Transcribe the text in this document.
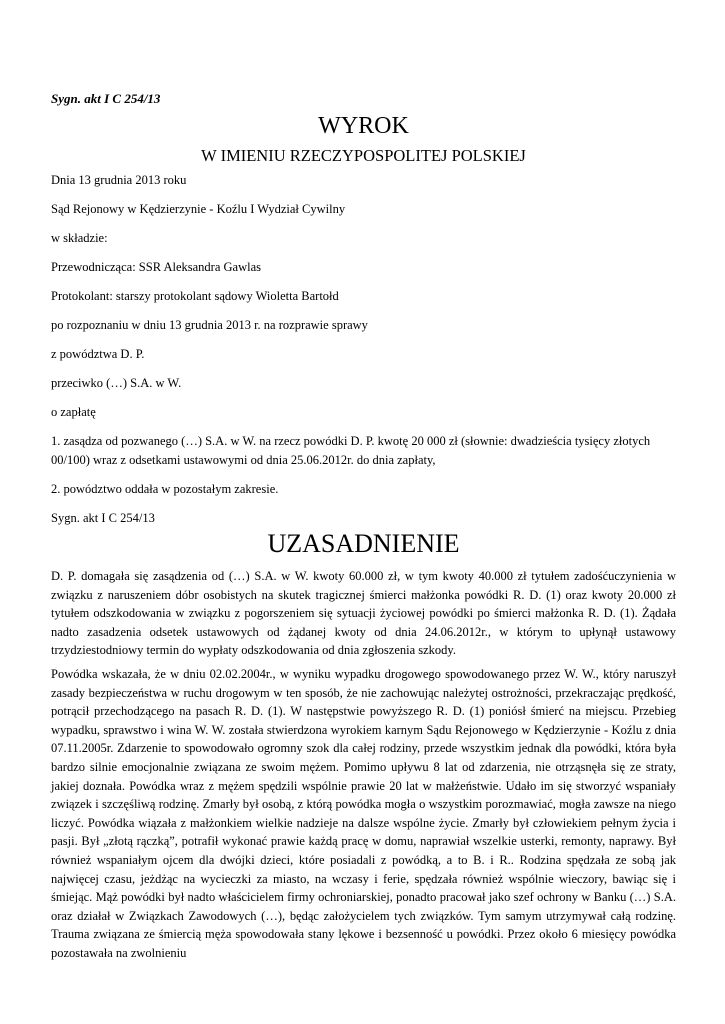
Sygn. akt I C 254/13
WYROK
W IMIENIU RZECZYPOSPOLITEJ POLSKIEJ
Dnia 13 grudnia 2013 roku
Sąd Rejonowy w Kędzierzynie - Koźlu I Wydział Cywilny
w składzie:
Przewodnicząca: SSR Aleksandra Gawlas
Protokolant: starszy protokolant sądowy Wioletta Bartołd
po rozpoznaniu w dniu 13 grudnia 2013 r. na rozprawie sprawy
z powództwa D. P.
przeciwko (…) S.A. w W.
o zapłatę
1. zasądza od pozwanego (…) S.A. w W. na rzecz powódki D. P. kwotę 20 000 zł (słownie: dwadzieścia tysięcy złotych 00/100) wraz z odsetkami ustawowymi od dnia 25.06.2012r. do dnia zapłaty,
2. powództwo oddała w pozostałym zakresie.
Sygn. akt I C 254/13
UZASADNIENIE
D. P. domagała się zasądzenia od (…) S.A. w W. kwoty 60.000 zł, w tym kwoty 40.000 zł tytułem zadośćuczynienia w związku z naruszeniem dóbr osobistych na skutek tragicznej śmierci małżonka powódki R. D. (1) oraz kwoty 20.000 zł tytułem odszkodowania w związku z pogorszeniem się sytuacji życiowej powódki po śmierci małżonka R. D. (1). Żądała nadto zasadzenia odsetek ustawowych od żądanej kwoty od dnia 24.06.2012r., w którym to upłynął ustawowy trzydziestodniowy termin do wypłaty odszkodowania od dnia zgłoszenia szkody.
Powódka wskazała, że w dniu 02.02.2004r., w wyniku wypadku drogowego spowodowanego przez W. W., który naruszył zasady bezpieczeństwa w ruchu drogowym w ten sposób, że nie zachowując należytej ostrożności, przekraczając prędkość, potrącił przechodzącego na pasach R. D. (1). W następstwie powyższego R. D. (1) poniósł śmierć na miejscu. Przebieg wypadku, sprawstwo i wina W. W. została stwierdzona wyrokiem karnym Sądu Rejonowego w Kędzierzynie - Koźlu z dnia 07.11.2005r. Zdarzenie to spowodowało ogromny szok dla całej rodziny, przede wszystkim jednak dla powódki, która była bardzo silnie emocjonalnie związana ze swoim mężem. Pomimo upływu 8 lat od zdarzenia, nie otrząsnęła się ze straty, jakiej doznała. Powódka wraz z mężem spędzili wspólnie prawie 20 lat w małżeństwie. Udało im się stworzyć wspaniały związek i szczęśliwą rodzinę. Zmarły był osobą, z którą powódka mogła o wszystkim porozmawiać, mogła zawsze na niego liczyć. Powódka wiązała z małżonkiem wielkie nadzieje na dalsze wspólne życie. Zmarły był człowiekiem pełnym życia i pasji. Był „złotą rączką”, potrafił wykonać prawie każdą pracę w domu, naprawiał wszelkie usterki, remonty, naprawy. Był również wspaniałym ojcem dla dwójki dzieci, które posiadali z powódką, a to B. i R.. Rodzina spędzała ze sobą jak najwięcej czasu, jeżdżąc na wycieczki za miasto, na wczasy i ferie, spędzała również wspólnie wieczory, bawiąc się i śmiejąc. Mąż powódki był nadto właścicielem firmy ochroniarskiej, ponadto pracował jako szef ochrony w Banku (…) S.A. oraz działał w Związkach Zawodowych (…), będąc założycielem tych związków. Tym samym utrzymywał całą rodzinę. Trauma związana ze śmiercią męża spowodowała stany lękowe i bezsenność u powódki. Przez około 6 miesięcy powódka pozostawała na zwolnieniu
